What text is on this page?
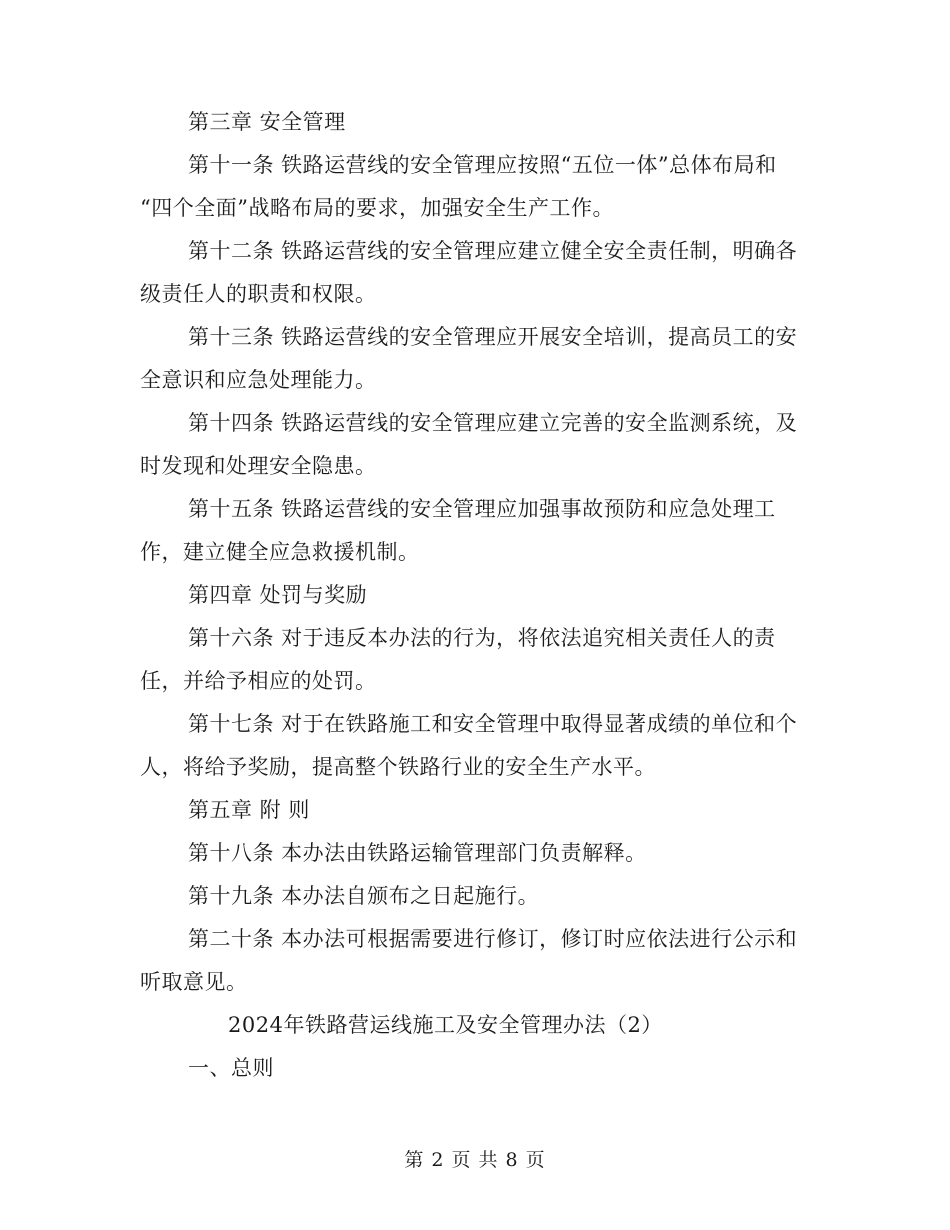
第三章 安全管理
第十一条 铁路运营线的安全管理应按照“五位一体”总体布局和
“四个全面”战略布局的要求，加强安全生产工作。
第十二条 铁路运营线的安全管理应建立健全安全责任制，明确各
级责任人的职责和权限。
第十三条 铁路运营线的安全管理应开展安全培训，提高员工的安
全意识和应急处理能力。
第十四条 铁路运营线的安全管理应建立完善的安全监测系统，及
时发现和处理安全隐患。
第十五条 铁路运营线的安全管理应加强事故预防和应急处理工
作，建立健全应急救援机制。
第四章 处罚与奖励
第十六条 对于违反本办法的行为，将依法追究相关责任人的责
任，并给予相应的处罚。
第十七条 对于在铁路施工和安全管理中取得显著成绩的单位和个
人，将给予奖励，提高整个铁路行业的安全生产水平。
第五章 附 则
第十八条 本办法由铁路运输管理部门负责解释。
第十九条 本办法自颁布之日起施行。
第二十条 本办法可根据需要进行修订，修订时应依法进行公示和
听取意见。
2024年铁路营运线施工及安全管理办法（2）
一、总则
第 2 页 共 8 页
